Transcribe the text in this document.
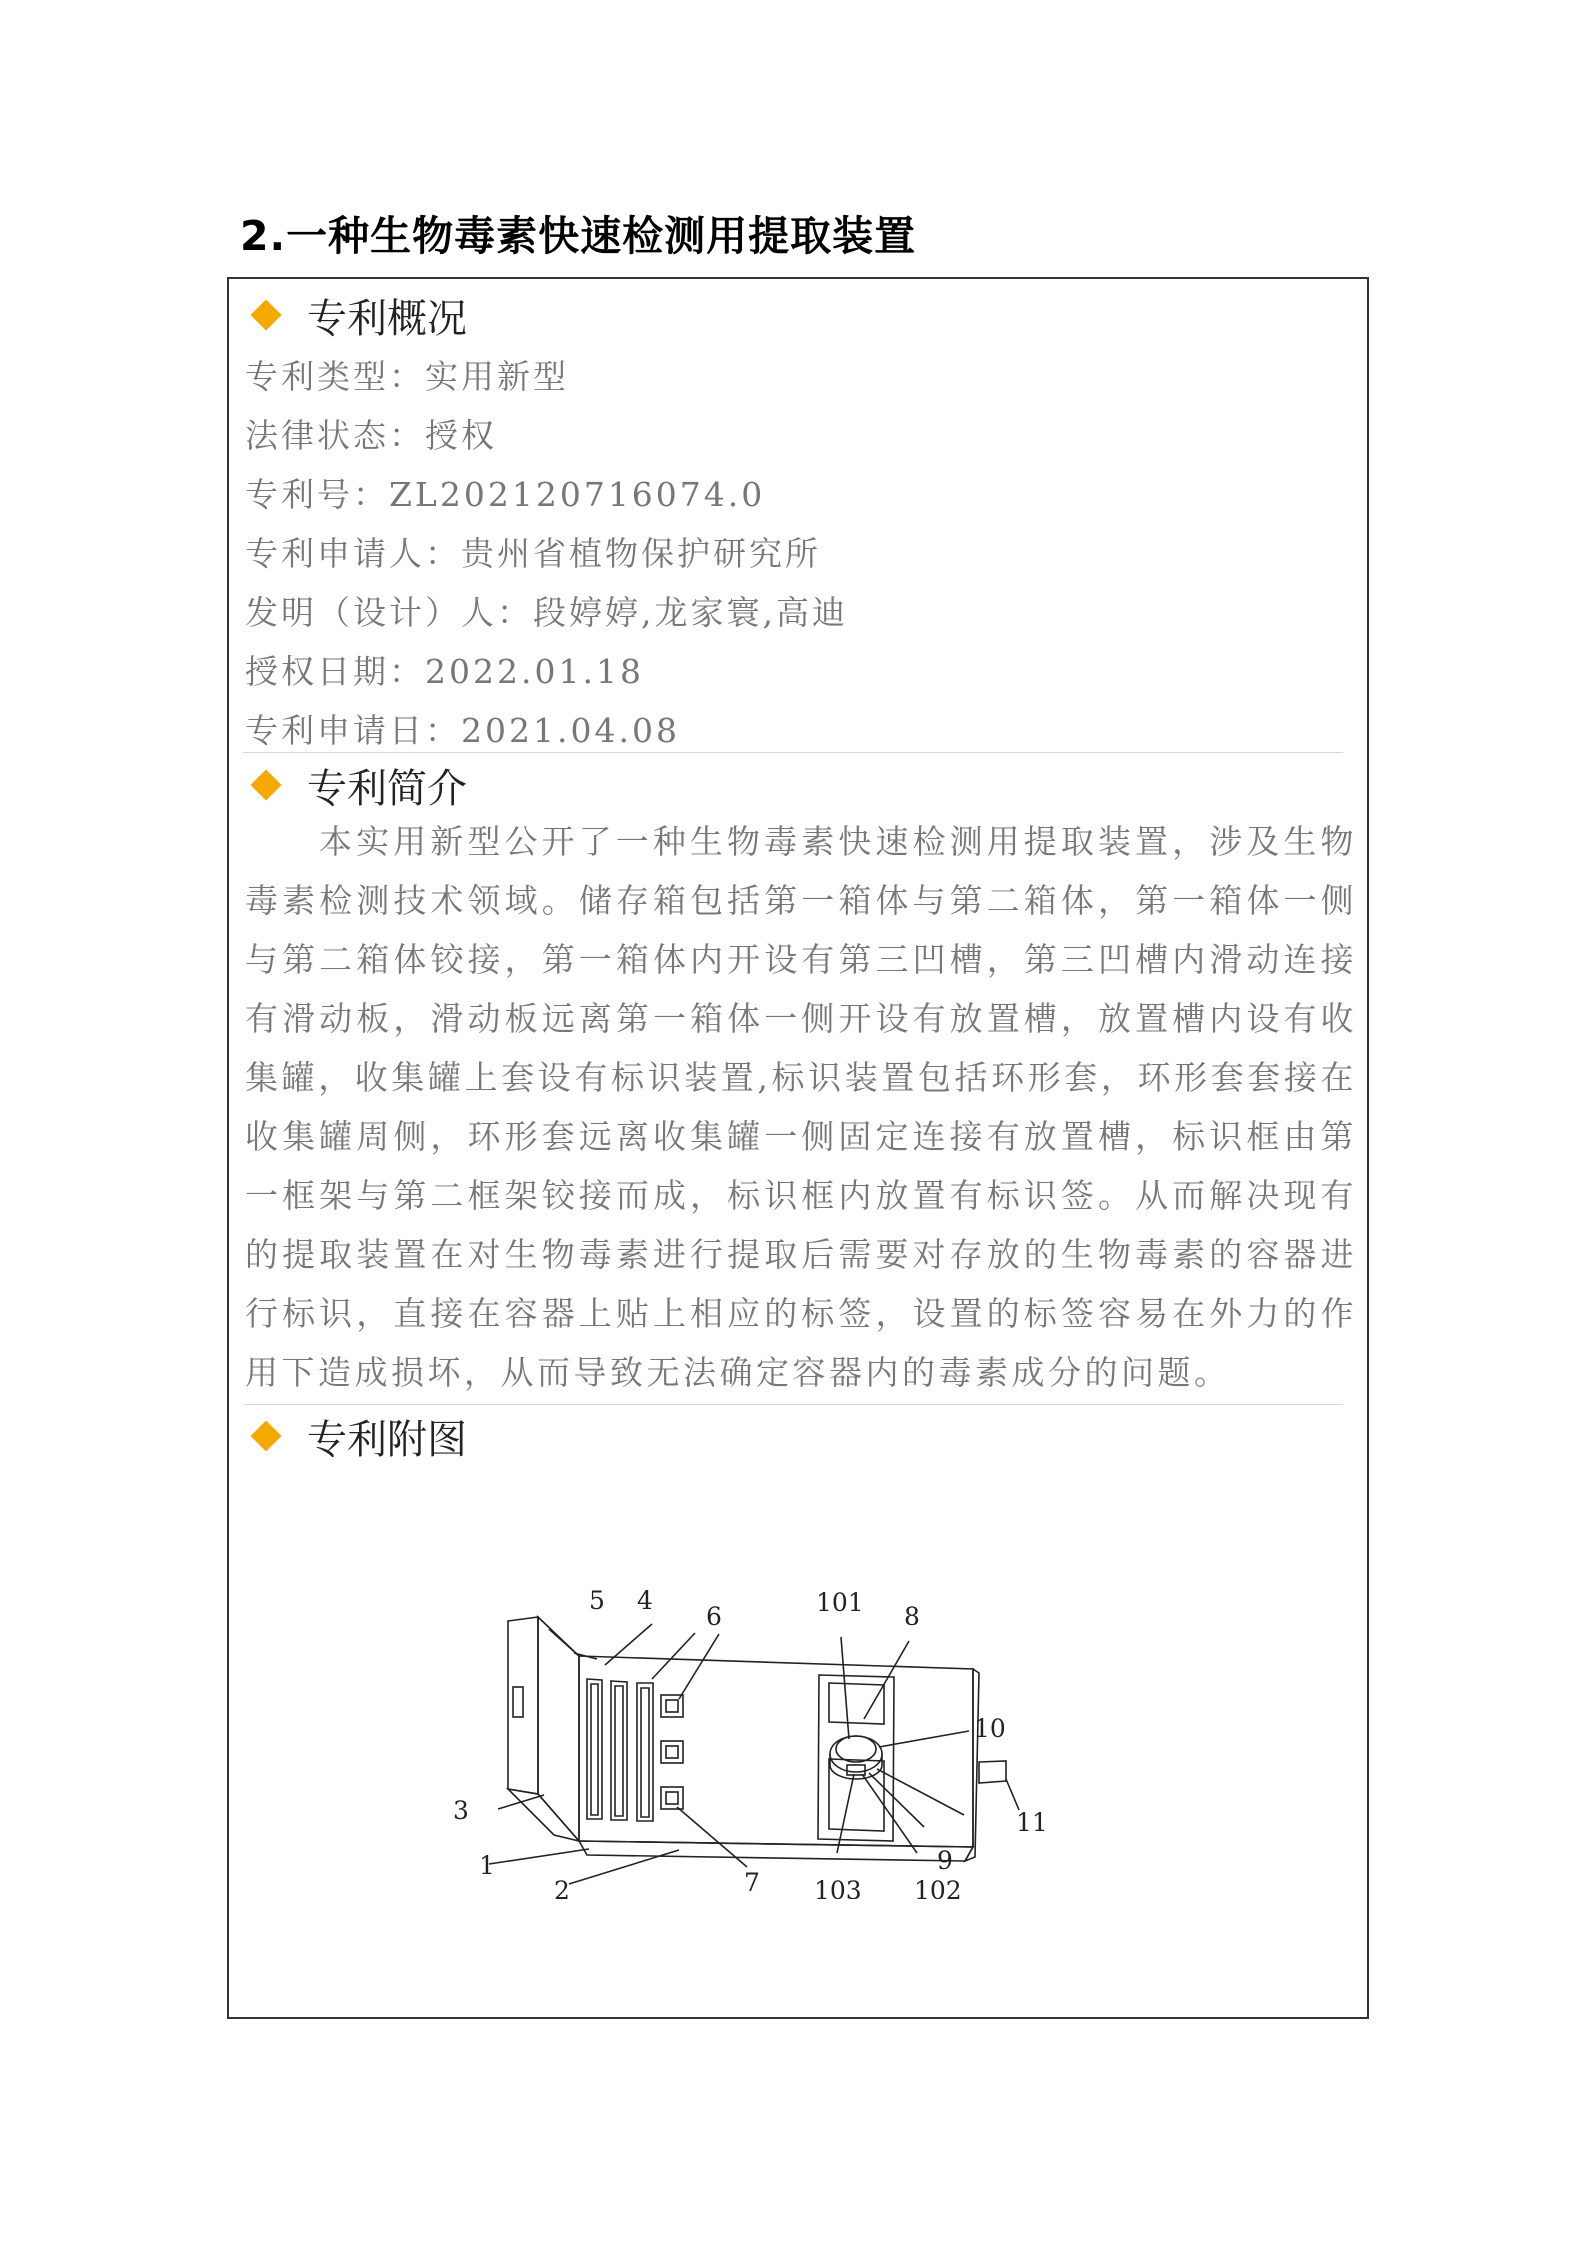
2.一种生物毒素快速检测用提取装置
专利概况
专利类型：实用新型
法律状态：授权
专利号：ZL202120716074.0
专利申请人：贵州省植物保护研究所
发明（设计）人：段婷婷,龙家寰,高迪
授权日期：2022.01.18
专利申请日：2021.04.08
专利简介

本实用新型公开了一种生物毒素快速检测用提取装置，涉及生物毒素检测技术领域。储存箱包括第一箱体与第二箱体，第一箱体一侧与第二箱体铰接，第一箱体内开设有第三凹槽，第三凹槽内滑动连接有滑动板，滑动板远离第一箱体一侧开设有放置槽，放置槽内设有收集罐，收集罐上套设有标识装置,标识装置包括环形套，环形套套接在收集罐周侧，环形套远离收集罐一侧固定连接有放置槽，标识框由第一框架与第二框架铰接而成，标识框内放置有标识签。从而解决现有的提取装置在对生物毒素进行提取后需要对存放的生物毒素的容器进行标识，直接在容器上贴上相应的标签，设置的标签容易在外力的作用下造成损坏，从而导致无法确定容器内的毒素成分的问题。

专利附图
5 4
6	101 8
10
11
9
3
1
2	7 103 102
